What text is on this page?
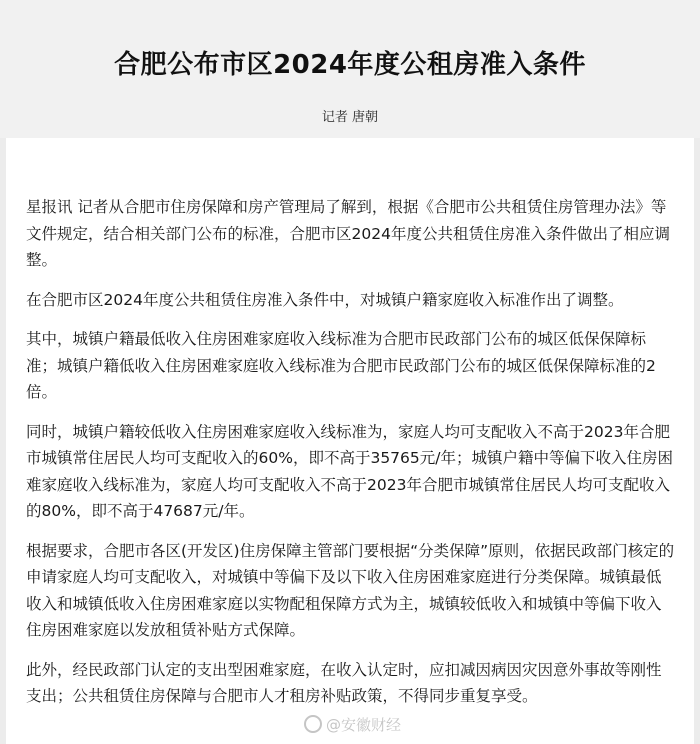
合肥公布市区2024年度公租房准入条件
记者 唐朝

星报讯 记者从合肥市住房保障和房产管理局了解到，根据《合肥市公共租赁住房管理办法》等文件规定，结合相关部门公布的标准，合肥市区2024年度公共租赁住房准入条件做出了相应调整。

在合肥市区2024年度公共租赁住房准入条件中，对城镇户籍家庭收入标准作出了调整。

其中，城镇户籍最低收入住房困难家庭收入线标准为合肥市民政部门公布的城区低保保障标准；城镇户籍低收入住房困难家庭收入线标准为合肥市民政部门公布的城区低保保障标准的2倍。

同时，城镇户籍较低收入住房困难家庭收入线标准为，家庭人均可支配收入不高于2023年合肥市城镇常住居民人均可支配收入的60%，即不高于35765元/年；城镇户籍中等偏下收入住房困难家庭收入线标准为，家庭人均可支配收入不高于2023年合肥市城镇常住居民人均可支配收入的80%，即不高于47687元/年。

根据要求，合肥市各区(开发区)住房保障主管部门要根据“分类保障”原则，依据民政部门核定的申请家庭人均可支配收入，对城镇中等偏下及以下收入住房困难家庭进行分类保障。城镇最低收入和城镇低收入住房困难家庭以实物配租保障方式为主，城镇较低收入和城镇中等偏下收入住房困难家庭以发放租赁补贴方式保障。

此外，经民政部门认定的支出型困难家庭，在收入认定时，应扣减因病因灾因意外事故等刚性支出；公共租赁住房保障与合肥市人才租房补贴政策，不得同步重复享受。

@安徽财经
